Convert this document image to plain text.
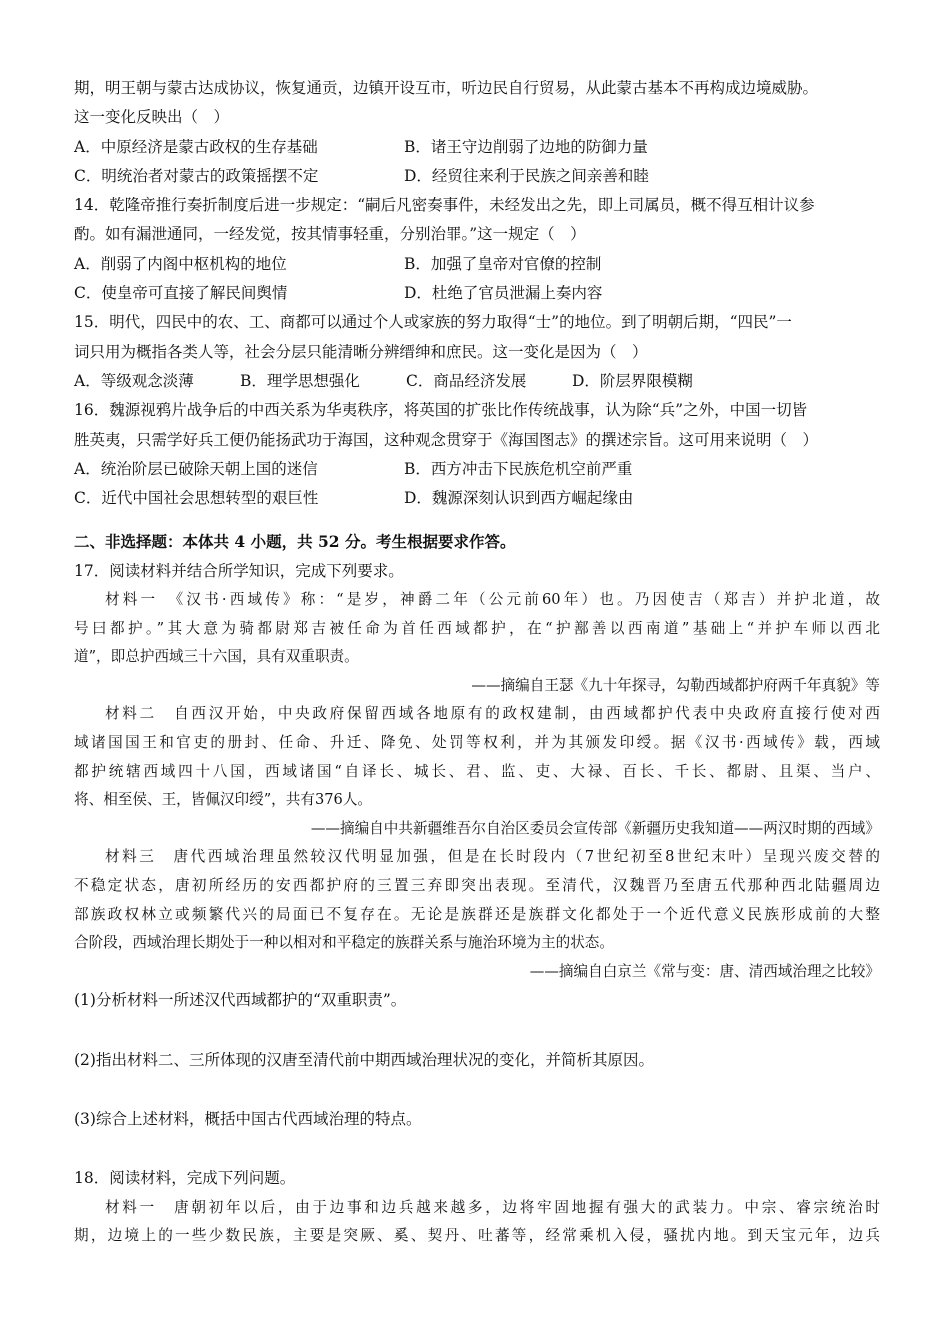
期，明王朝与蒙古达成协议，恢复通贡，边镇开设互市，听边民自行贸易，从此蒙古基本不再构成边境威胁。
这一变化反映出（　）
A．中原经济是蒙古政权的生存基础	B．诸王守边削弱了边地的防御力量
C．明统治者对蒙古的政策摇摆不定	D．经贸往来利于民族之间亲善和睦
14．乾隆帝推行奏折制度后进一步规定：“嗣后凡密奏事件，未经发出之先，即上司属员，概不得互相计议参
酌。如有漏泄通同，一经发觉，按其情事轻重，分别治罪。”这一规定（　）
A．削弱了内阁中枢机构的地位	B．加强了皇帝对官僚的控制
C．使皇帝可直接了解民间舆情	D．杜绝了官员泄漏上奏内容
15．明代，四民中的农、工、商都可以通过个人或家族的努力取得“士”的地位。到了明朝后期，“四民”一
词只用为概指各类人等，社会分层只能清晰分辨缙绅和庶民。这一变化是因为（　）
A．等级观念淡薄	B．理学思想强化	C．商品经济发展	D．阶层界限模糊
16．魏源视鸦片战争后的中西关系为华夷秩序，将英国的扩张比作传统战事，认为除“兵”之外，中国一切皆
胜英夷，只需学好兵工便仍能扬武功于海国，这种观念贯穿于《海国图志》的撰述宗旨。这可用来说明（　）
A．统治阶层已破除天朝上国的迷信	B．西方冲击下民族危机空前严重
C．近代中国社会思想转型的艰巨性	D．魏源深刻认识到西方崛起缘由
二、非选择题：本体共 4 小题，共 52 分。考生根据要求作答。
17．阅读材料并结合所学知识，完成下列要求。
材料一　《汉书·西域传》称：“是岁，神爵二年（公元前60年）也。乃因使吉（郑吉）并护北道，故
号曰都护。”其大意为骑都尉郑吉被任命为首任西域都护，在“护鄯善以西南道”基础上“并护车师以西北
道”，即总护西域三十六国，具有双重职责。
——摘编自王瑟《九十年探寻，勾勒西域都护府两千年真貌》等
材料二　自西汉开始，中央政府保留西域各地原有的政权建制，由西域都护代表中央政府直接行使对西
域诸国国王和官吏的册封、任命、升迁、降免、处罚等权利，并为其颁发印绶。据《汉书·西域传》载，西域
都护统辖西域四十八国，西域诸国“自译长、城长、君、监、吏、大禄、百长、千长、都尉、且渠、当户、
将、相至侯、王，皆佩汉印绶”，共有376人。
——摘编自中共新疆维吾尔自治区委员会宣传部《新疆历史我知道——两汉时期的西域》
材料三　唐代西域治理虽然较汉代明显加强，但是在长时段内（7世纪初至8世纪末叶）呈现兴废交替的
不稳定状态，唐初所经历的安西都护府的三置三弃即突出表现。至清代，汉魏晋乃至唐五代那种西北陆疆周边
部族政权林立或频繁代兴的局面已不复存在。无论是族群还是族群文化都处于一个近代意义民族形成前的大整
合阶段，西域治理长期处于一种以相对和平稳定的族群关系与施治环境为主的状态。
——摘编自白京兰《常与变：唐、清西域治理之比较》
(1)分析材料一所述汉代西域都护的“双重职责”。
(2)指出材料二、三所体现的汉唐至清代前中期西域治理状况的变化，并简析其原因。
(3)综合上述材料，概括中国古代西域治理的特点。
18．阅读材料，完成下列问题。
材料一　唐朝初年以后，由于边事和边兵越来越多，边将牢固地握有强大的武装力。中宗、睿宗统治时
期，边境上的一些少数民族，主要是突厥、奚、契丹、吐蕃等，经常乘机入侵，骚扰内地。到天宝元年，边兵
